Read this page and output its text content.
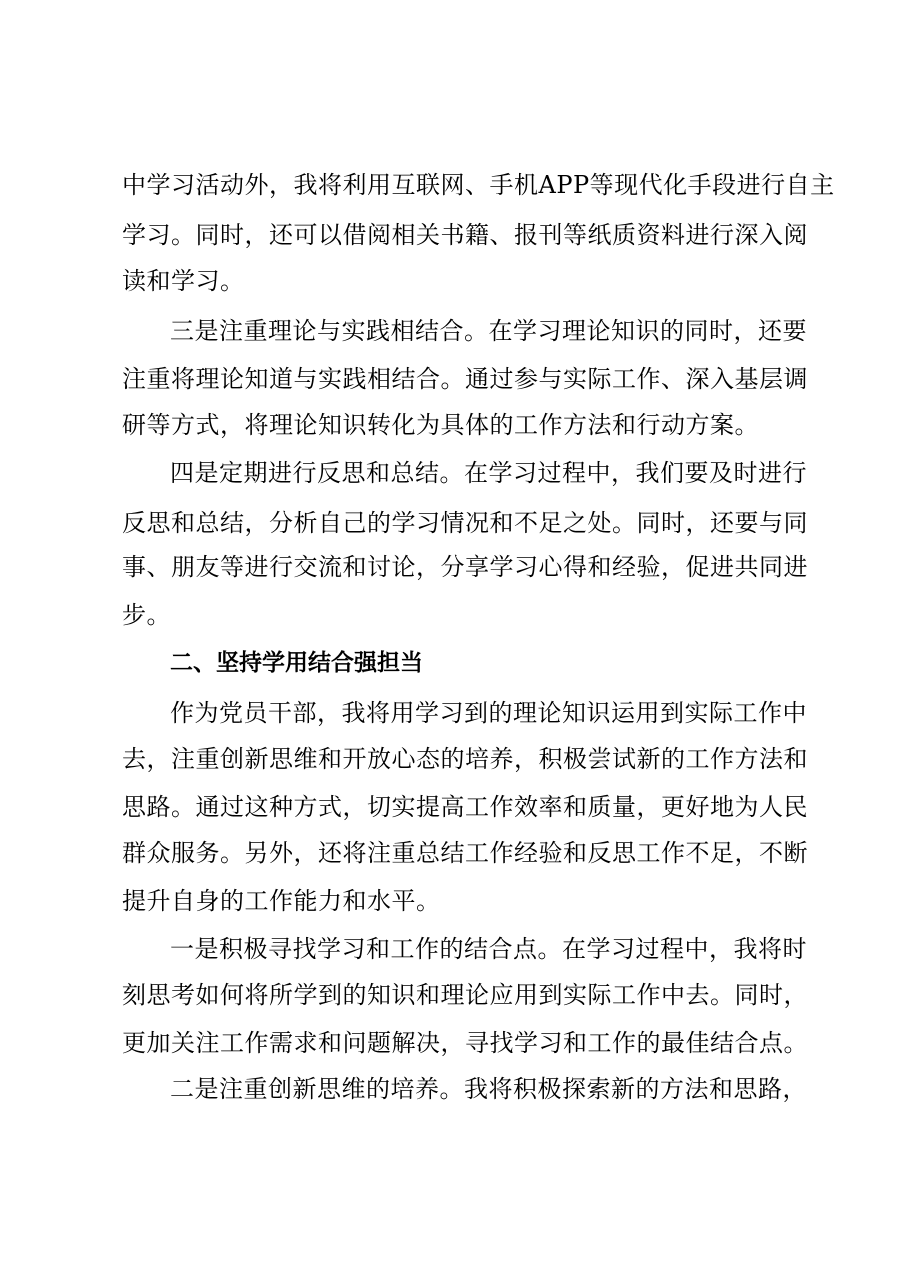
中学习活动外，我将利用互联网、手机APP等现代化手段进行自主
学习。同时，还可以借阅相关书籍、报刊等纸质资料进行深入阅
读和学习。
三是注重理论与实践相结合。在学习理论知识的同时，还要
注重将理论知道与实践相结合。通过参与实际工作、深入基层调
研等方式，将理论知识转化为具体的工作方法和行动方案。
四是定期进行反思和总结。在学习过程中，我们要及时进行
反思和总结，分析自己的学习情况和不足之处。同时，还要与同
事、朋友等进行交流和讨论，分享学习心得和经验，促进共同进
步。
二、坚持学用结合强担当
作为党员干部，我将用学习到的理论知识运用到实际工作中
去，注重创新思维和开放心态的培养，积极尝试新的工作方法和
思路。通过这种方式，切实提高工作效率和质量，更好地为人民
群众服务。另外，还将注重总结工作经验和反思工作不足，不断
提升自身的工作能力和水平。
一是积极寻找学习和工作的结合点。在学习过程中，我将时
刻思考如何将所学到的知识和理论应用到实际工作中去。同时，
更加关注工作需求和问题解决，寻找学习和工作的最佳结合点。
二是注重创新思维的培养。我将积极探索新的方法和思路，
